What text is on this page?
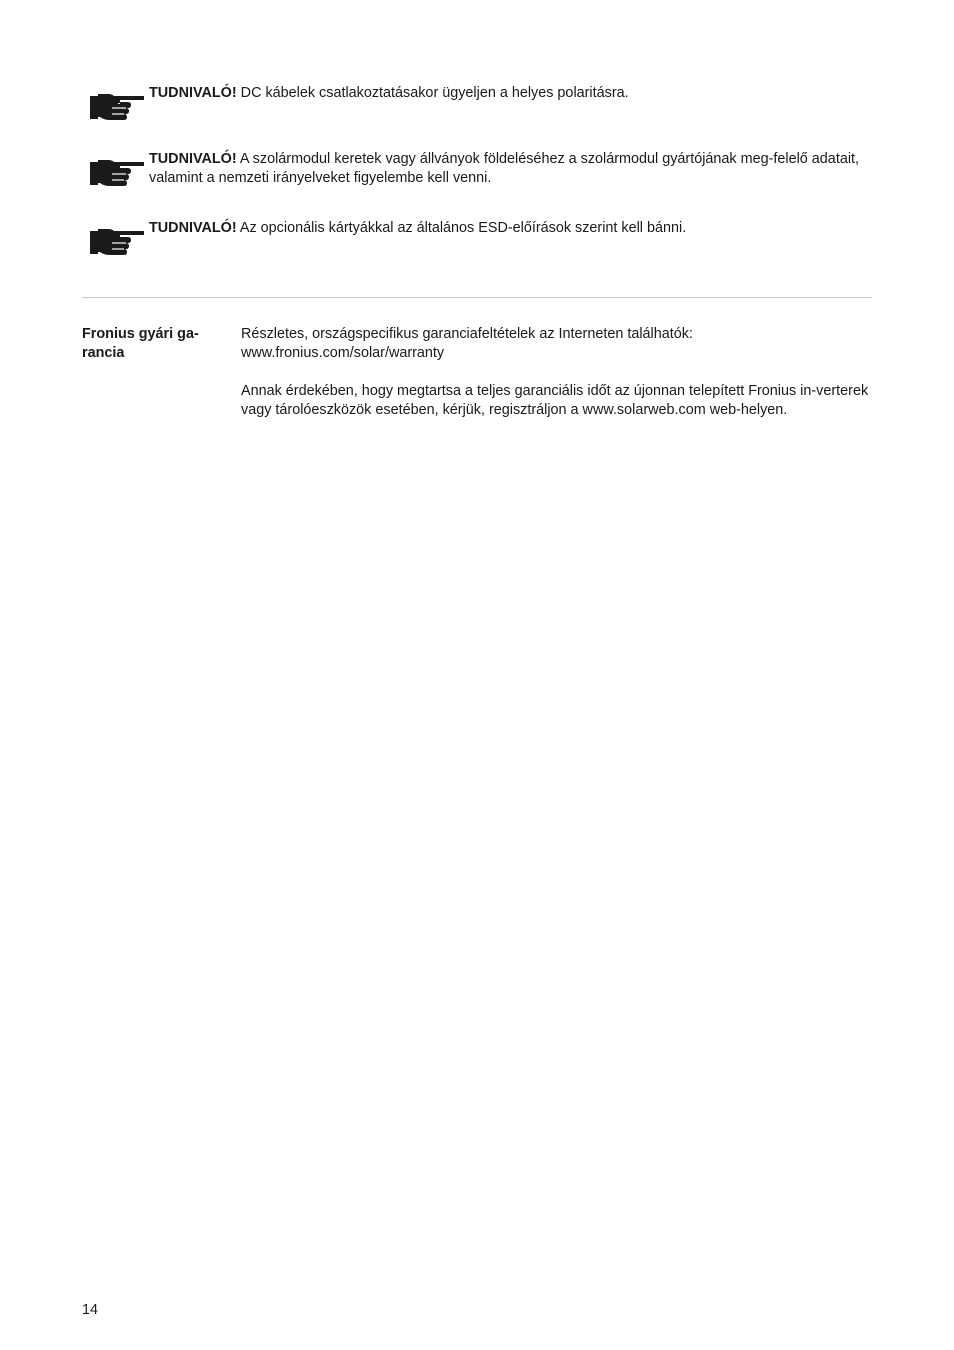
TUDNIVALÓ! DC kábelek csatlakoztatásakor ügyeljen a helyes polaritásra.

TUDNIVALÓ! A szolármodul keretek vagy állványok földeléséhez a szolármodul gyártójának meg-felelő adatait, valamint a nemzeti irányelveket figyelembe kell venni.

TUDNIVALÓ! Az opcionális kártyákkal az általános ESD-előírások szerint kell bánni.

Fronius gyári ga-rancia

Részletes, országspecifikus garanciafeltételek az Interneten találhatók:
www.fronius.com/solar/warranty

Annak érdekében, hogy megtartsa a teljes garanciális időt az újonnan telepített Fronius in-verterek vagy tárolóeszközök esetében, kérjük, regisztráljon a www.solarweb.com web-helyen.

14
